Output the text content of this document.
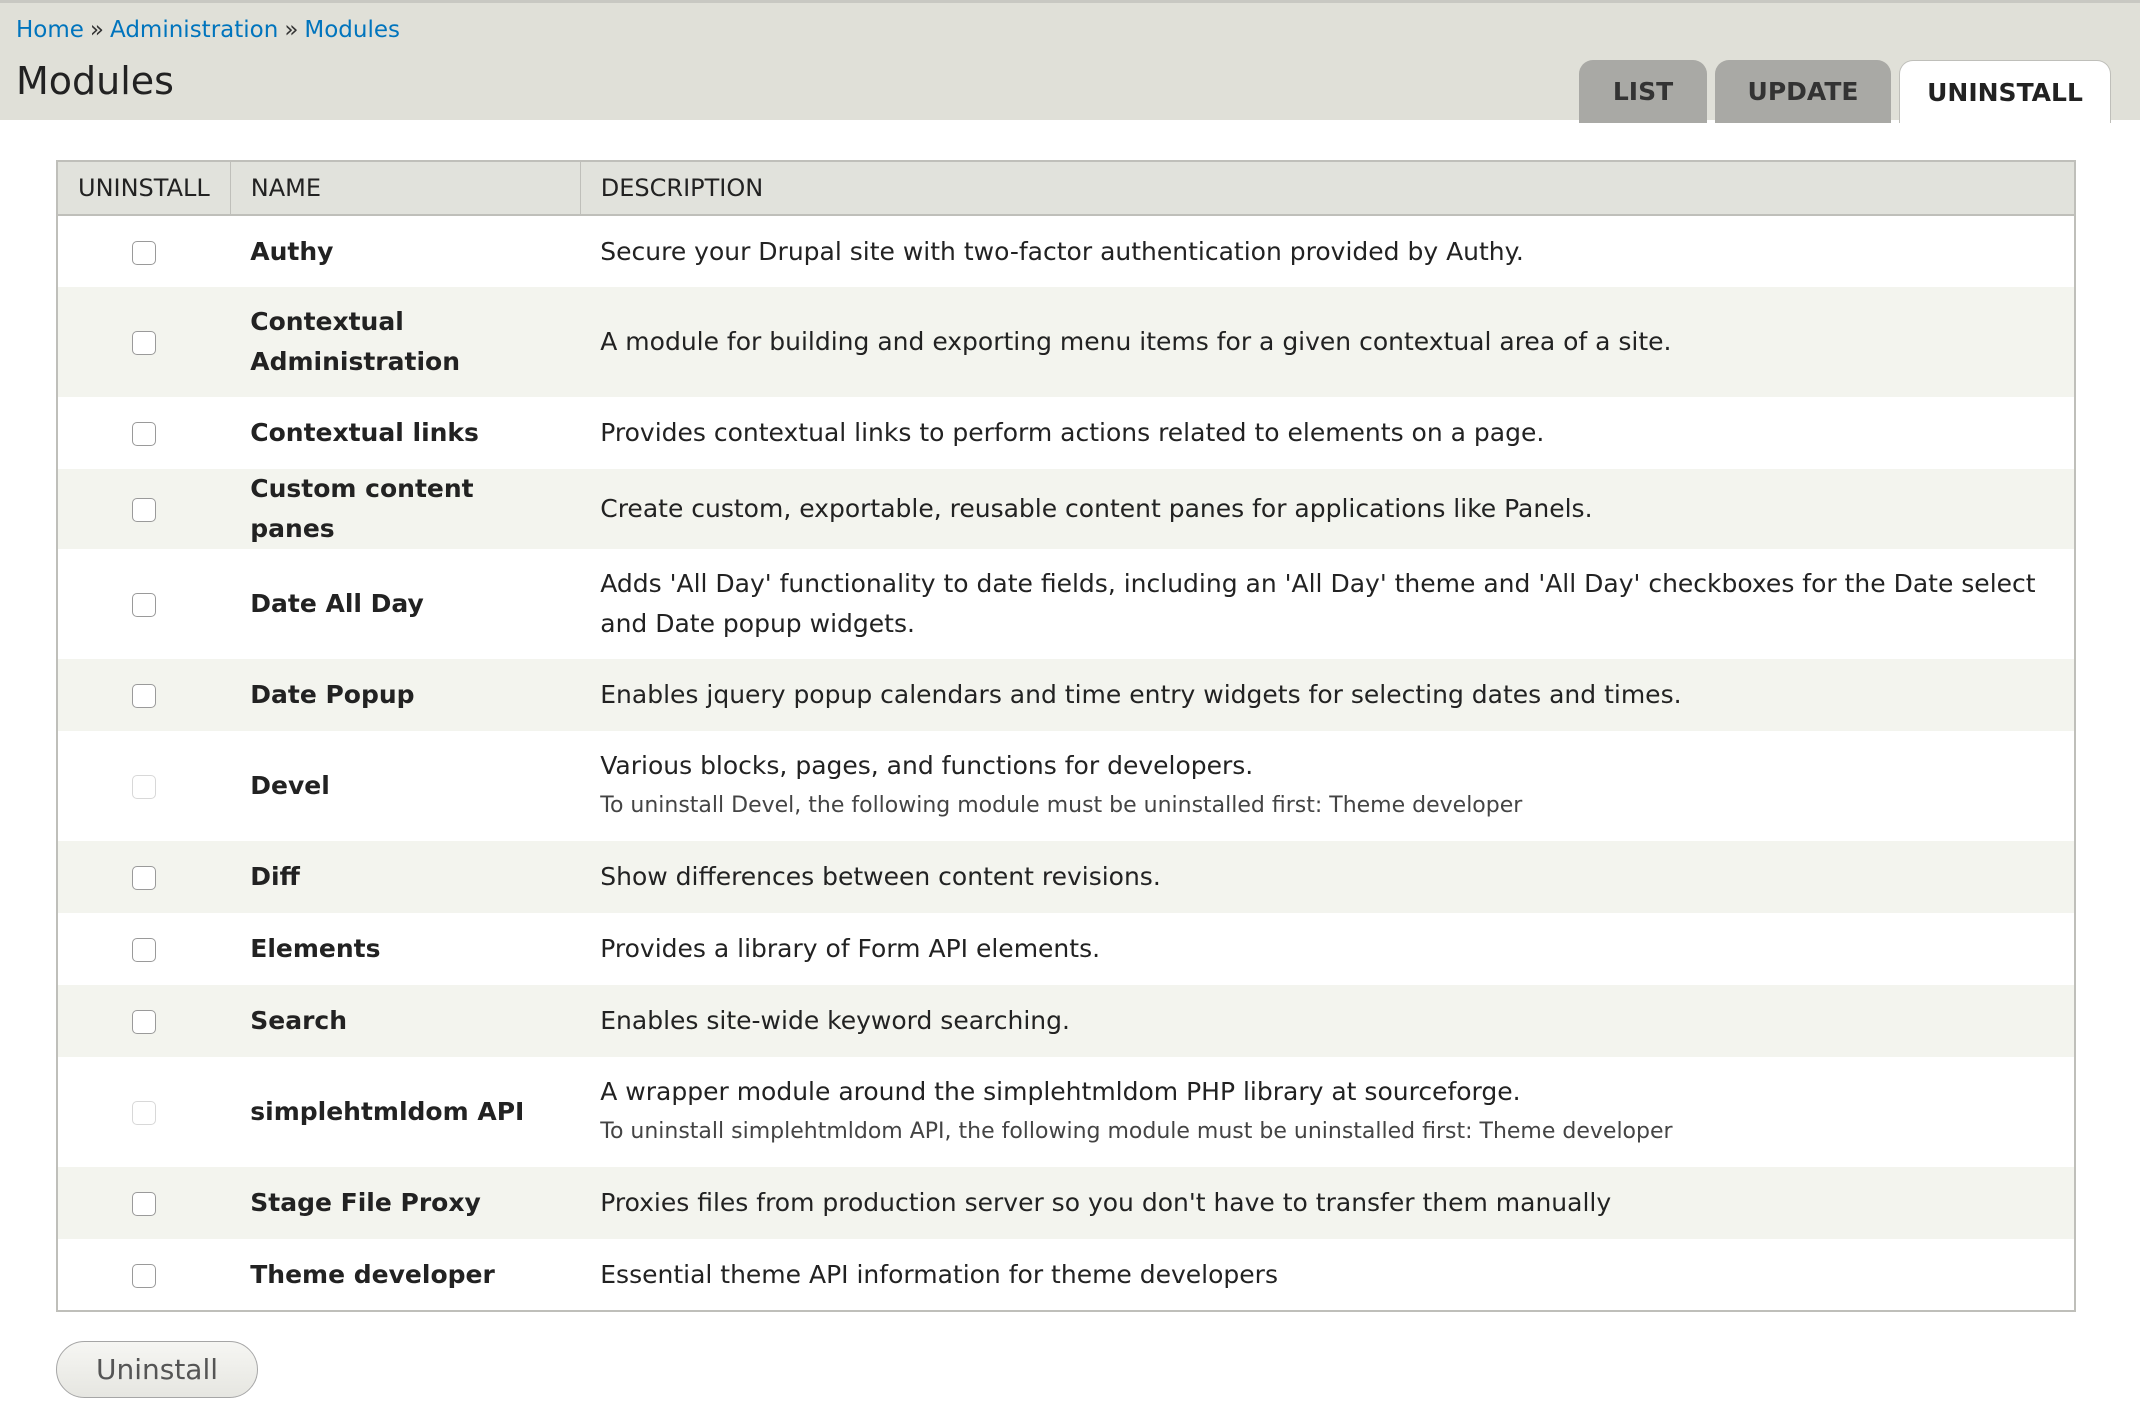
Home » Administration » Modules
Modules	LIST	UPDATE	UNINSTALL
UNINSTALL	NAME	DESCRIPTION
	Authy	Secure your Drupal site with two-factor authentication provided by Authy.

	Contextual Administration	A module for building and exporting menu items for a given contextual area of a site.

	Contextual links	Provides contextual links to perform actions related to elements on a page.

	Custom content panes	Create custom, exportable, reusable content panes for applications like Panels.

	Date All Day	Adds 'All Day' functionality to date fields, including an 'All Day' theme and 'All Day' checkboxes for the Date select and Date popup widgets.

	Date Popup	Enables jquery popup calendars and time entry widgets for selecting dates and times.

	Devel	Various blocks, pages, and functions for developers.
To uninstall Devel, the following module must be uninstalled first: Theme developer

	Diff	Show differences between content revisions.

	Elements	Provides a library of Form API elements.

	Search	Enables site-wide keyword searching.

	simplehtmldom API	A wrapper module around the simplehtmldom PHP library at sourceforge.
To uninstall simplehtmldom API, the following module must be uninstalled first: Theme developer

	Stage File Proxy	Proxies files from production server so you don't have to transfer them manually

	Theme developer	Essential theme API information for theme developers
Uninstall
